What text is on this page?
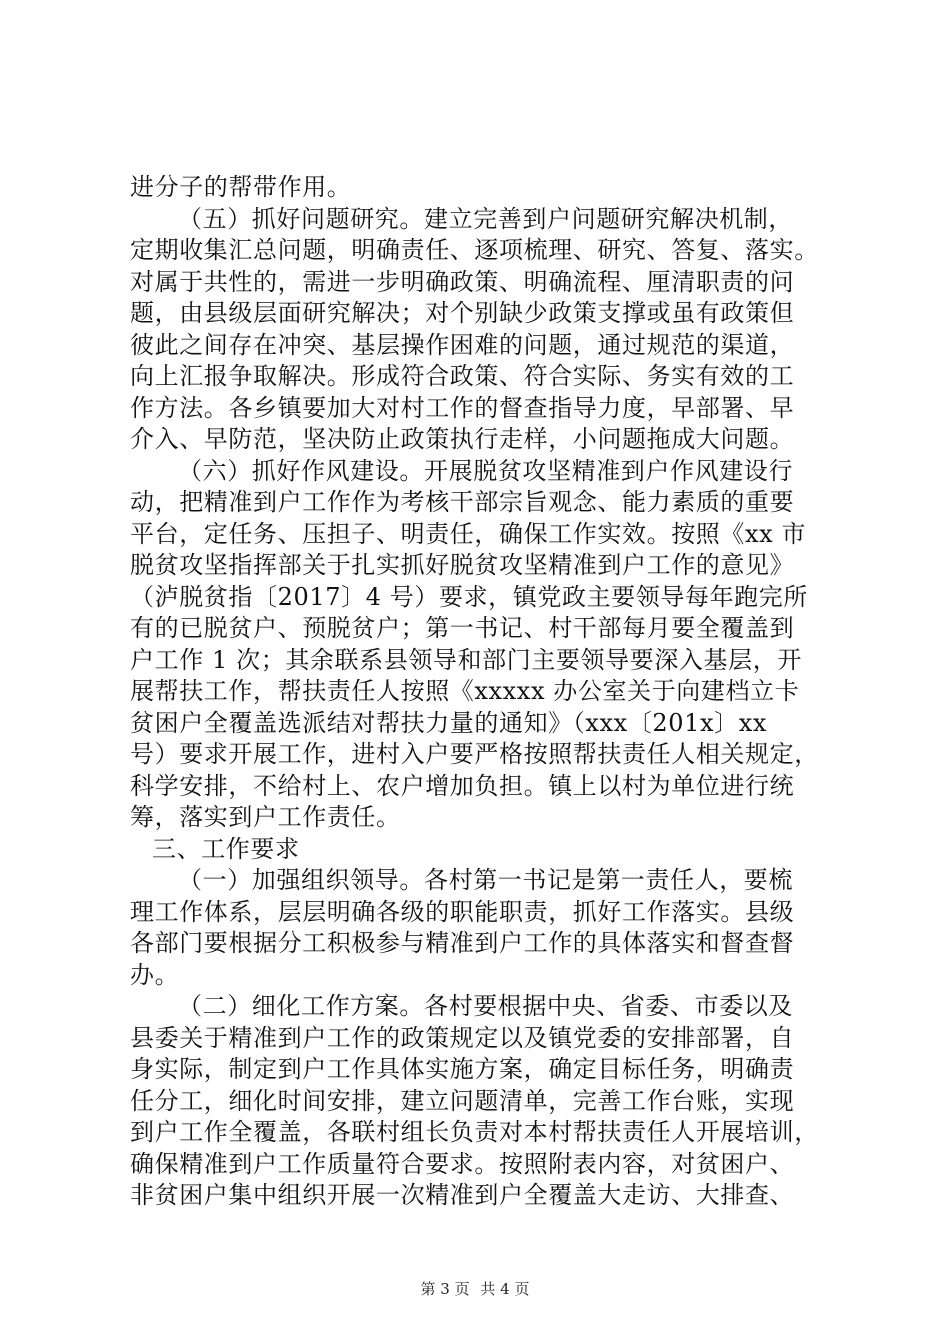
进分子的帮带作用。
（五）抓好问题研究。建立完善到户问题研究解决机制，
定期收集汇总问题，明确责任、逐项梳理、研究、答复、落实。
对属于共性的，需进一步明确政策、明确流程、厘清职责的问
题，由县级层面研究解决；对个别缺少政策支撑或虽有政策但
彼此之间存在冲突、基层操作困难的问题，通过规范的渠道，
向上汇报争取解决。形成符合政策、符合实际、务实有效的工
作方法。各乡镇要加大对村工作的督查指导力度，早部署、早
介入、早防范，坚决防止政策执行走样，小问题拖成大问题。
（六）抓好作风建设。开展脱贫攻坚精准到户作风建设行
动，把精准到户工作作为考核干部宗旨观念、能力素质的重要
平台，定任务、压担子、明责任，确保工作实效。按照《xx 市
脱贫攻坚指挥部关于扎实抓好脱贫攻坚精准到户工作的意见》
（泸脱贫指〔2017〕4 号）要求，镇党政主要领导每年跑完所
有的已脱贫户、预脱贫户；第一书记、村干部每月要全覆盖到
户工作 1 次；其余联系县领导和部门主要领导要深入基层，开
展帮扶工作，帮扶责任人按照《xxxxx 办公室关于向建档立卡
贫困户全覆盖选派结对帮扶力量的通知》（xxx〔201x〕xx
号）要求开展工作，进村入户要严格按照帮扶责任人相关规定，
科学安排，不给村上、农户增加负担。镇上以村为单位进行统
筹，落实到户工作责任。
三、工作要求
（一）加强组织领导。各村第一书记是第一责任人，要梳
理工作体系，层层明确各级的职能职责，抓好工作落实。县级
各部门要根据分工积极参与精准到户工作的具体落实和督查督
办。
（二）细化工作方案。各村要根据中央、省委、市委以及
县委关于精准到户工作的政策规定以及镇党委的安排部署，自
身实际，制定到户工作具体实施方案，确定目标任务，明确责
任分工，细化时间安排，建立问题清单，完善工作台账，实现
到户工作全覆盖，各联村组长负责对本村帮扶责任人开展培训，
确保精准到户工作质量符合要求。按照附表内容，对贫困户、
非贫困户集中组织开展一次精准到户全覆盖大走访、大排查、
第 3 页 共 4 页
